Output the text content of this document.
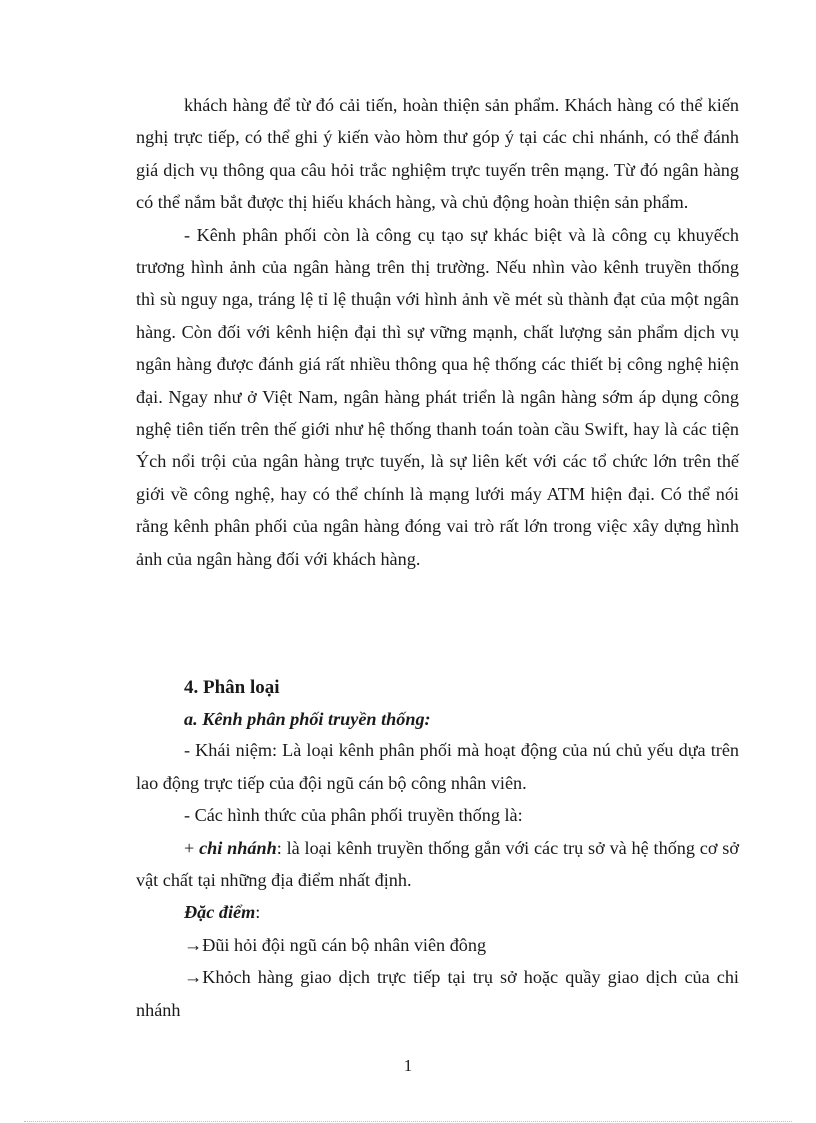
khách hàng để từ đó cải tiến, hoàn thiện sản phẩm. Khách hàng có thể kiến nghị trực tiếp, có thể ghi ý kiến vào hòm thư góp ý tại các chi nhánh, có thể đánh giá dịch vụ thông qua câu hỏi trắc nghiệm trực tuyến trên mạng. Từ đó ngân hàng có thể nắm bắt được thị hiếu khách hàng, và chủ động hoàn thiện sản phẩm.

- Kênh phân phối còn là công cụ tạo sự khác biệt và là công cụ khuyếch trương hình ảnh của ngân hàng trên thị trường. Nếu nhìn vào kênh truyền thống thì sù nguy nga, tráng lệ tỉ lệ thuận với hình ảnh về mét sù thành đạt của một ngân hàng. Còn đối với kênh hiện đại thì sự vững mạnh, chất lượng sản phẩm dịch vụ ngân hàng được đánh giá rất nhiều thông qua hệ thống các thiết bị công nghệ hiện đại. Ngay như ở Việt Nam, ngân hàng phát triển là ngân hàng sớm áp dụng công nghệ tiên tiến trên thế giới như hệ thống thanh toán toàn cầu Swift, hay là các tiện Ých nổi trội của ngân hàng trực tuyến, là sự liên kết với các tổ chức lớn trên thế giới về công nghệ, hay có thể chính là mạng lưới máy ATM hiện đại. Có thể nói rằng kênh phân phối của ngân hàng đóng vai trò rất lớn trong việc xây dựng hình ảnh của ngân hàng đối với khách hàng.

4. Phân loại

a. Kênh phân phối truyền thống:

- Khái niệm: Là loại kênh phân phối mà hoạt động của nú chủ yếu dựa trên lao động trực tiếp của đội ngũ cán bộ công nhân viên.

- Các hình thức của phân phối truyền thống là:

+ chi nhánh: là loại kênh truyền thống gắn với các trụ sở và hệ thống cơ sở vật chất tại những địa điểm nhất định.

Đặc điểm:

→Đũi hỏi đội ngũ cán bộ nhân viên đông

→Khỏch hàng giao dịch trực tiếp tại trụ sở hoặc quầy giao dịch của chi nhánh

1
